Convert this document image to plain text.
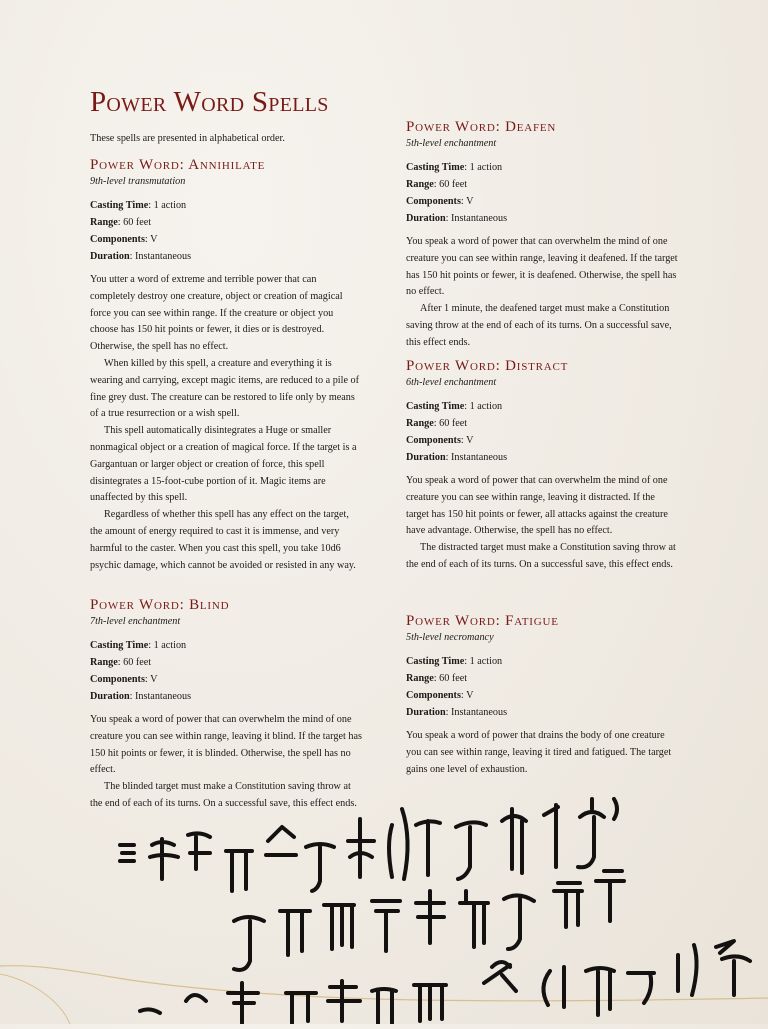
Power Word Spells

These spells are presented in alphabetical order.

Power Word: Annihilate

9th-level transmutation

Casting Time: 1 action

Range: 60 feet

Components: V

Duration: Instantaneous

You utter a word of extreme and terrible power that can completely destroy one creature, object or creation of magical force you can see within range. If the creature or object you choose has 150 hit points or fewer, it dies or is destroyed. Otherwise, the spell has no effect.

When killed by this spell, a creature and everything it is wearing and carrying, except magic items, are reduced to a pile of fine grey dust. The creature can be restored to life only by means of a true resurrection or a wish spell.

This spell automatically disintegrates a Huge or smaller nonmagical object or a creation of magical force. If the target is a Gargantuan or larger object or creation of force, this spell disintegrates a 15-foot-cube portion of it. Magic items are unaffected by this spell.

Regardless of whether this spell has any effect on the target, the amount of energy required to cast it is immense, and very harmful to the caster. When you cast this spell, you take 10d6 psychic damage, which cannot be avoided or resisted in any way.

Power Word: Blind

7th-level enchantment

Casting Time: 1 action

Range: 60 feet

Components: V

Duration: Instantaneous

You speak a word of power that can overwhelm the mind of one creature you can see within range, leaving it blind. If the target has 150 hit points or fewer, it is blinded. Otherwise, the spell has no effect.

The blinded target must make a Constitution saving throw at the end of each of its turns. On a successful save, this effect ends.

Power Word: Deafen

5th-level enchantment

Casting Time: 1 action

Range: 60 feet

Components: V

Duration: Instantaneous

You speak a word of power that can overwhelm the mind of one creature you can see within range, leaving it deafened. If the target has 150 hit points or fewer, it is deafened. Otherwise, the spell has no effect.

After 1 minute, the deafened target must make a Constitution saving throw at the end of each of its turns. On a successful save, this effect ends.

Power Word: Distract

6th-level enchantment

Casting Time: 1 action

Range: 60 feet

Components: V

Duration: Instantaneous

You speak a word of power that can overwhelm the mind of one creature you can see within range, leaving it distracted. If the target has 150 hit points or fewer, all attacks against the creature have advantage. Otherwise, the spell has no effect.

The distracted target must make a Constitution saving throw at the end of each of its turns. On a successful save, this effect ends.

Power Word: Fatigue

5th-level necromancy

Casting Time: 1 action

Range: 60 feet

Components: V

Duration: Instantaneous

You speak a word of power that drains the body of one creature you can see within range, leaving it tired and fatigued. The target gains one level of exhaustion.
